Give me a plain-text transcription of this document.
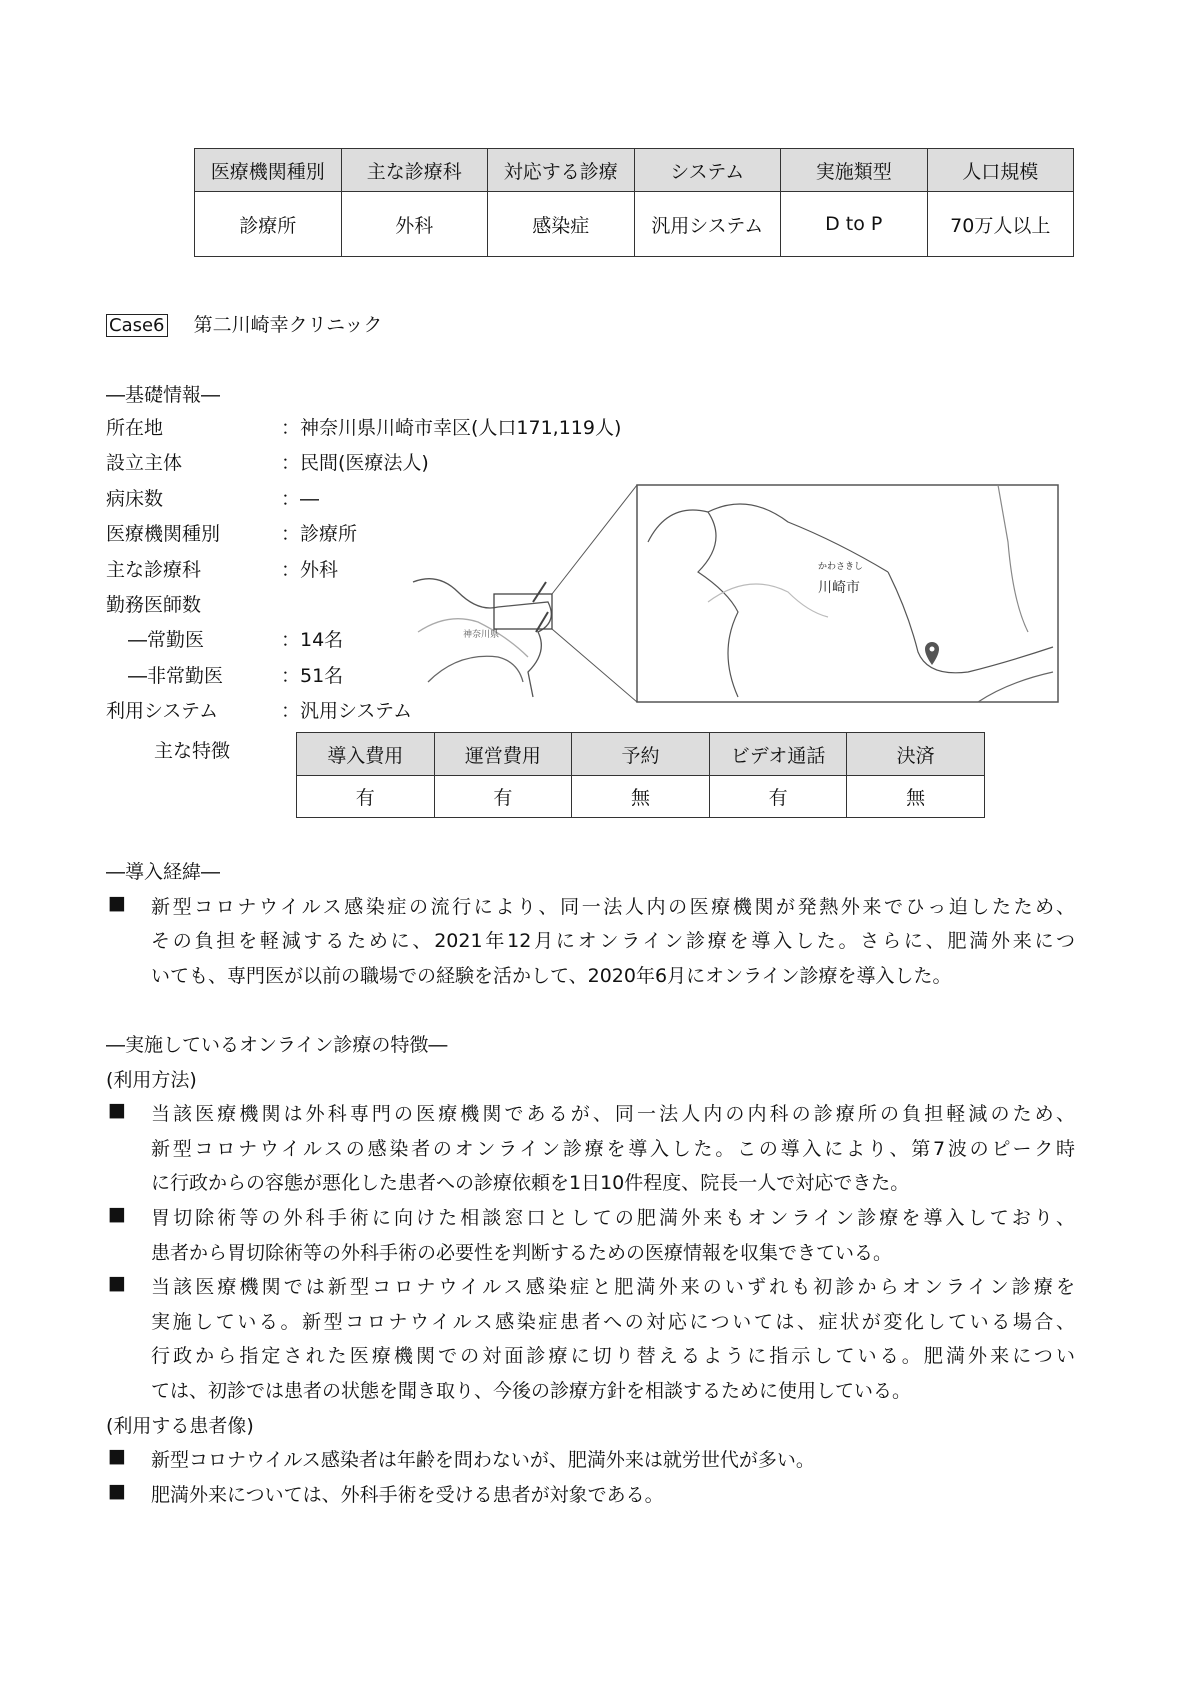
医療機関種別	主な診療科	対応する診療	システム	実施類型	人口規模
診療所	外科	感染症	汎用システム	D to P	70万人以上
Case6 第二川崎幸クリニック
―基礎情報―
所在地	：神奈川県川崎市幸区(人口171,119人)
設立主体	：民間(医療法人)
病床数	：―
医療機関種別	：診療所
主な診療科	：外科
勤務医師数
―常勤医	：14名
―非常勤医	：51名
利用システム	：汎用システム
主な特徴	導入費用	運営費用	予約	ビデオ通話	決済
有	有	無	有	無
神奈川県
かわさきし
川崎市
―導入経緯―
■ 新型コロナウイルス感染症の流行により、同一法人内の医療機関が発熱外来でひっ迫したため、
その負担を軽減するために、2021年12月にオンライン診療を導入した。さらに、肥満外来につ
いても、専門医が以前の職場での経験を活かして、2020年6月にオンライン診療を導入した。
―実施しているオンライン診療の特徴―
(利用方法)
■ 当該医療機関は外科専門の医療機関であるが、同一法人内の内科の診療所の負担軽減のため、
新型コロナウイルスの感染者のオンライン診療を導入した。この導入により、第7波のピーク時
に行政からの容態が悪化した患者への診療依頼を1日10件程度、院長一人で対応できた。
■ 胃切除術等の外科手術に向けた相談窓口としての肥満外来もオンライン診療を導入しており、
患者から胃切除術等の外科手術の必要性を判断するための医療情報を収集できている。
■ 当該医療機関では新型コロナウイルス感染症と肥満外来のいずれも初診からオンライン診療を
実施している。新型コロナウイルス感染症患者への対応については、症状が変化している場合、
行政から指定された医療機関での対面診療に切り替えるように指示している。肥満外来につい
ては、初診では患者の状態を聞き取り、今後の診療方針を相談するために使用している。
(利用する患者像)
■ 新型コロナウイルス感染者は年齢を問わないが、肥満外来は就労世代が多い。
■ 肥満外来については、外科手術を受ける患者が対象である。
